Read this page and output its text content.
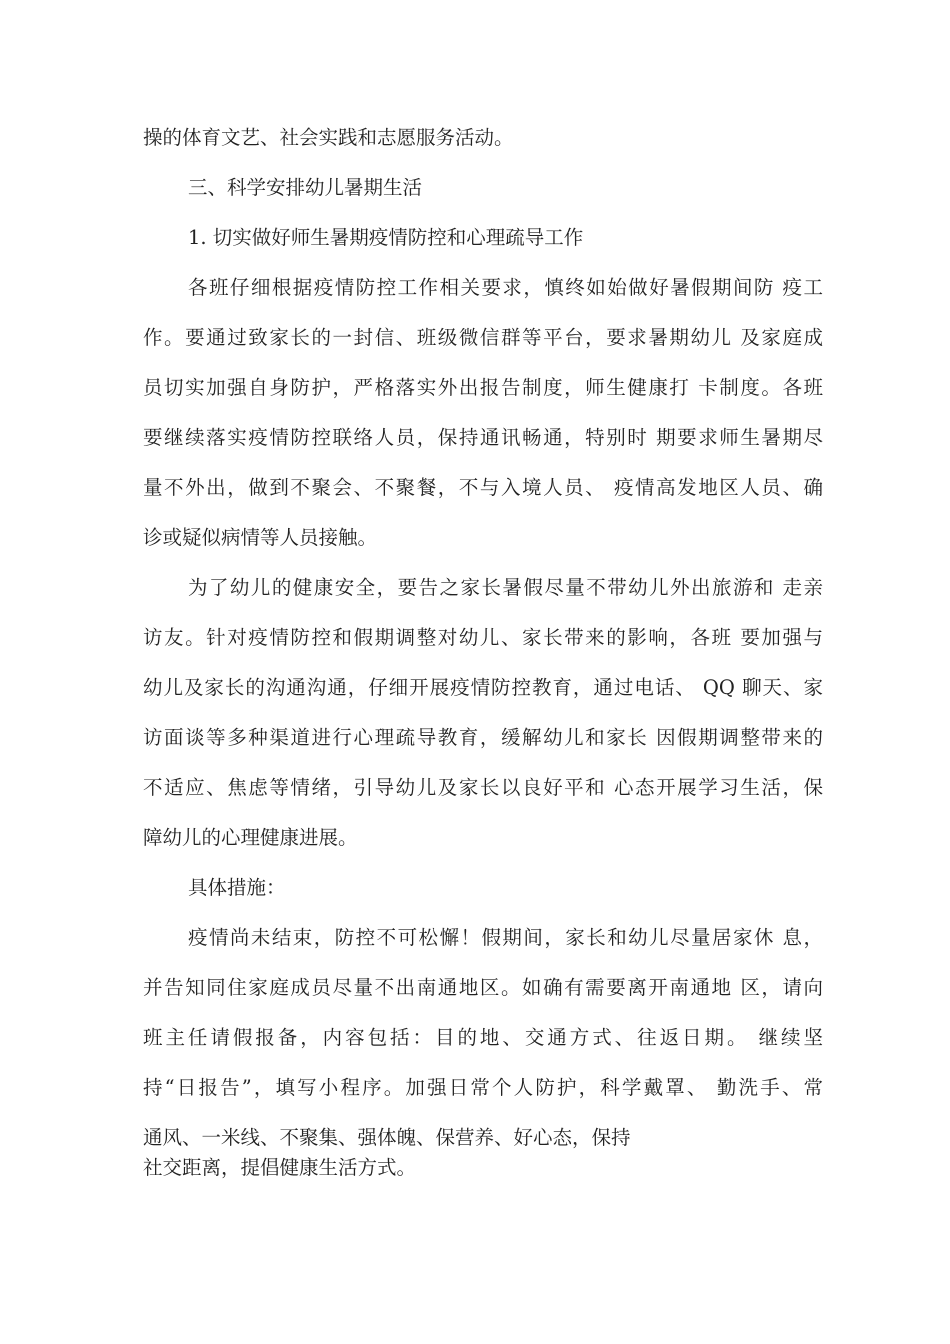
操的体育文艺、社会实践和志愿服务活动。
三、科学安排幼儿暑期生活
1. 切实做好师生暑期疫情防控和心理疏导工作
各班仔细根据疫情防控工作相关要求，慎终如始做好暑假期间防 疫工
作。要通过致家长的一封信、班级微信群等平台，要求暑期幼儿 及家庭成
员切实加强自身防护，严格落实外出报告制度，师生健康打 卡制度。各班
要继续落实疫情防控联络人员，保持通讯畅通，特别时 期要求师生暑期尽
量不外出，做到不聚会、不聚餐，不与入境人员、 疫情高发地区人员、确
诊或疑似病情等人员接触。
为了幼儿的健康安全，要告之家长暑假尽量不带幼儿外出旅游和 走亲
访友。针对疫情防控和假期调整对幼儿、家长带来的影响，各班 要加强与
幼儿及家长的沟通沟通，仔细开展疫情防控教育，通过电话、 QQ 聊天、家
访面谈等多种渠道进行心理疏导教育，缓解幼儿和家长 因假期调整带来的
不适应、焦虑等情绪，引导幼儿及家长以良好平和 心态开展学习生活，保
障幼儿的心理健康进展。
具体措施：
疫情尚未结束，防控不可松懈！假期间，家长和幼儿尽量居家休 息，
并告知同住家庭成员尽量不出南通地区。如确有需要离开南通地 区，请向
班主任请假报备，内容包括：目的地、交通方式、往返日期。 继续坚
持“日报告”，填写小程序。加强日常个人防护，科学戴罩、 勤洗手、常
通风、一米线、不聚集、强体魄、保营养、好心态，保持
社交距离，提倡健康生活方式。
